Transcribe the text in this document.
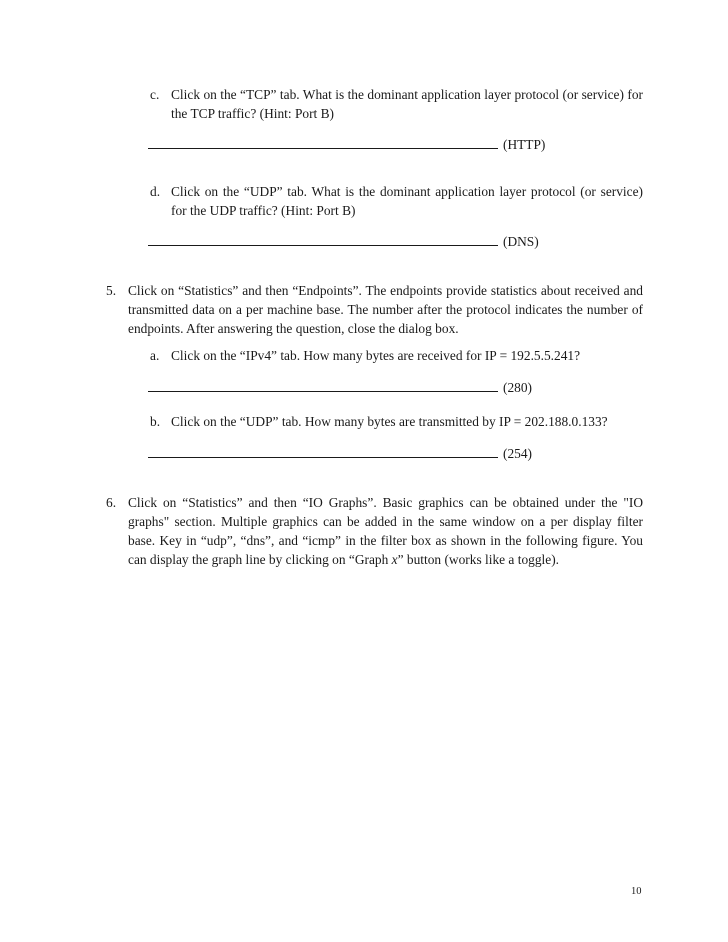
c. Click on the “TCP” tab. What is the dominant application layer protocol (or service) for the TCP traffic? (Hint: Port B)
(HTTP)
d. Click on the “UDP” tab. What is the dominant application layer protocol (or service) for the UDP traffic? (Hint: Port B)
(DNS)
5. Click on “Statistics” and then “Endpoints”. The endpoints provide statistics about received and transmitted data on a per machine base. The number after the protocol indicates the number of endpoints. After answering the question, close the dialog box.
a. Click on the “IPv4” tab. How many bytes are received for IP = 192.5.5.241?
(280)
b. Click on the “UDP” tab. How many bytes are transmitted by IP = 202.188.0.133?
(254)
6. Click on “Statistics” and then “IO Graphs”. Basic graphics can be obtained under the "IO graphs" section. Multiple graphics can be added in the same window on a per display filter base. Key in “udp”, “dns”, and “icmp” in the filter box as shown in the following figure. You can display the graph line by clicking on “Graph x” button (works like a toggle).
10
